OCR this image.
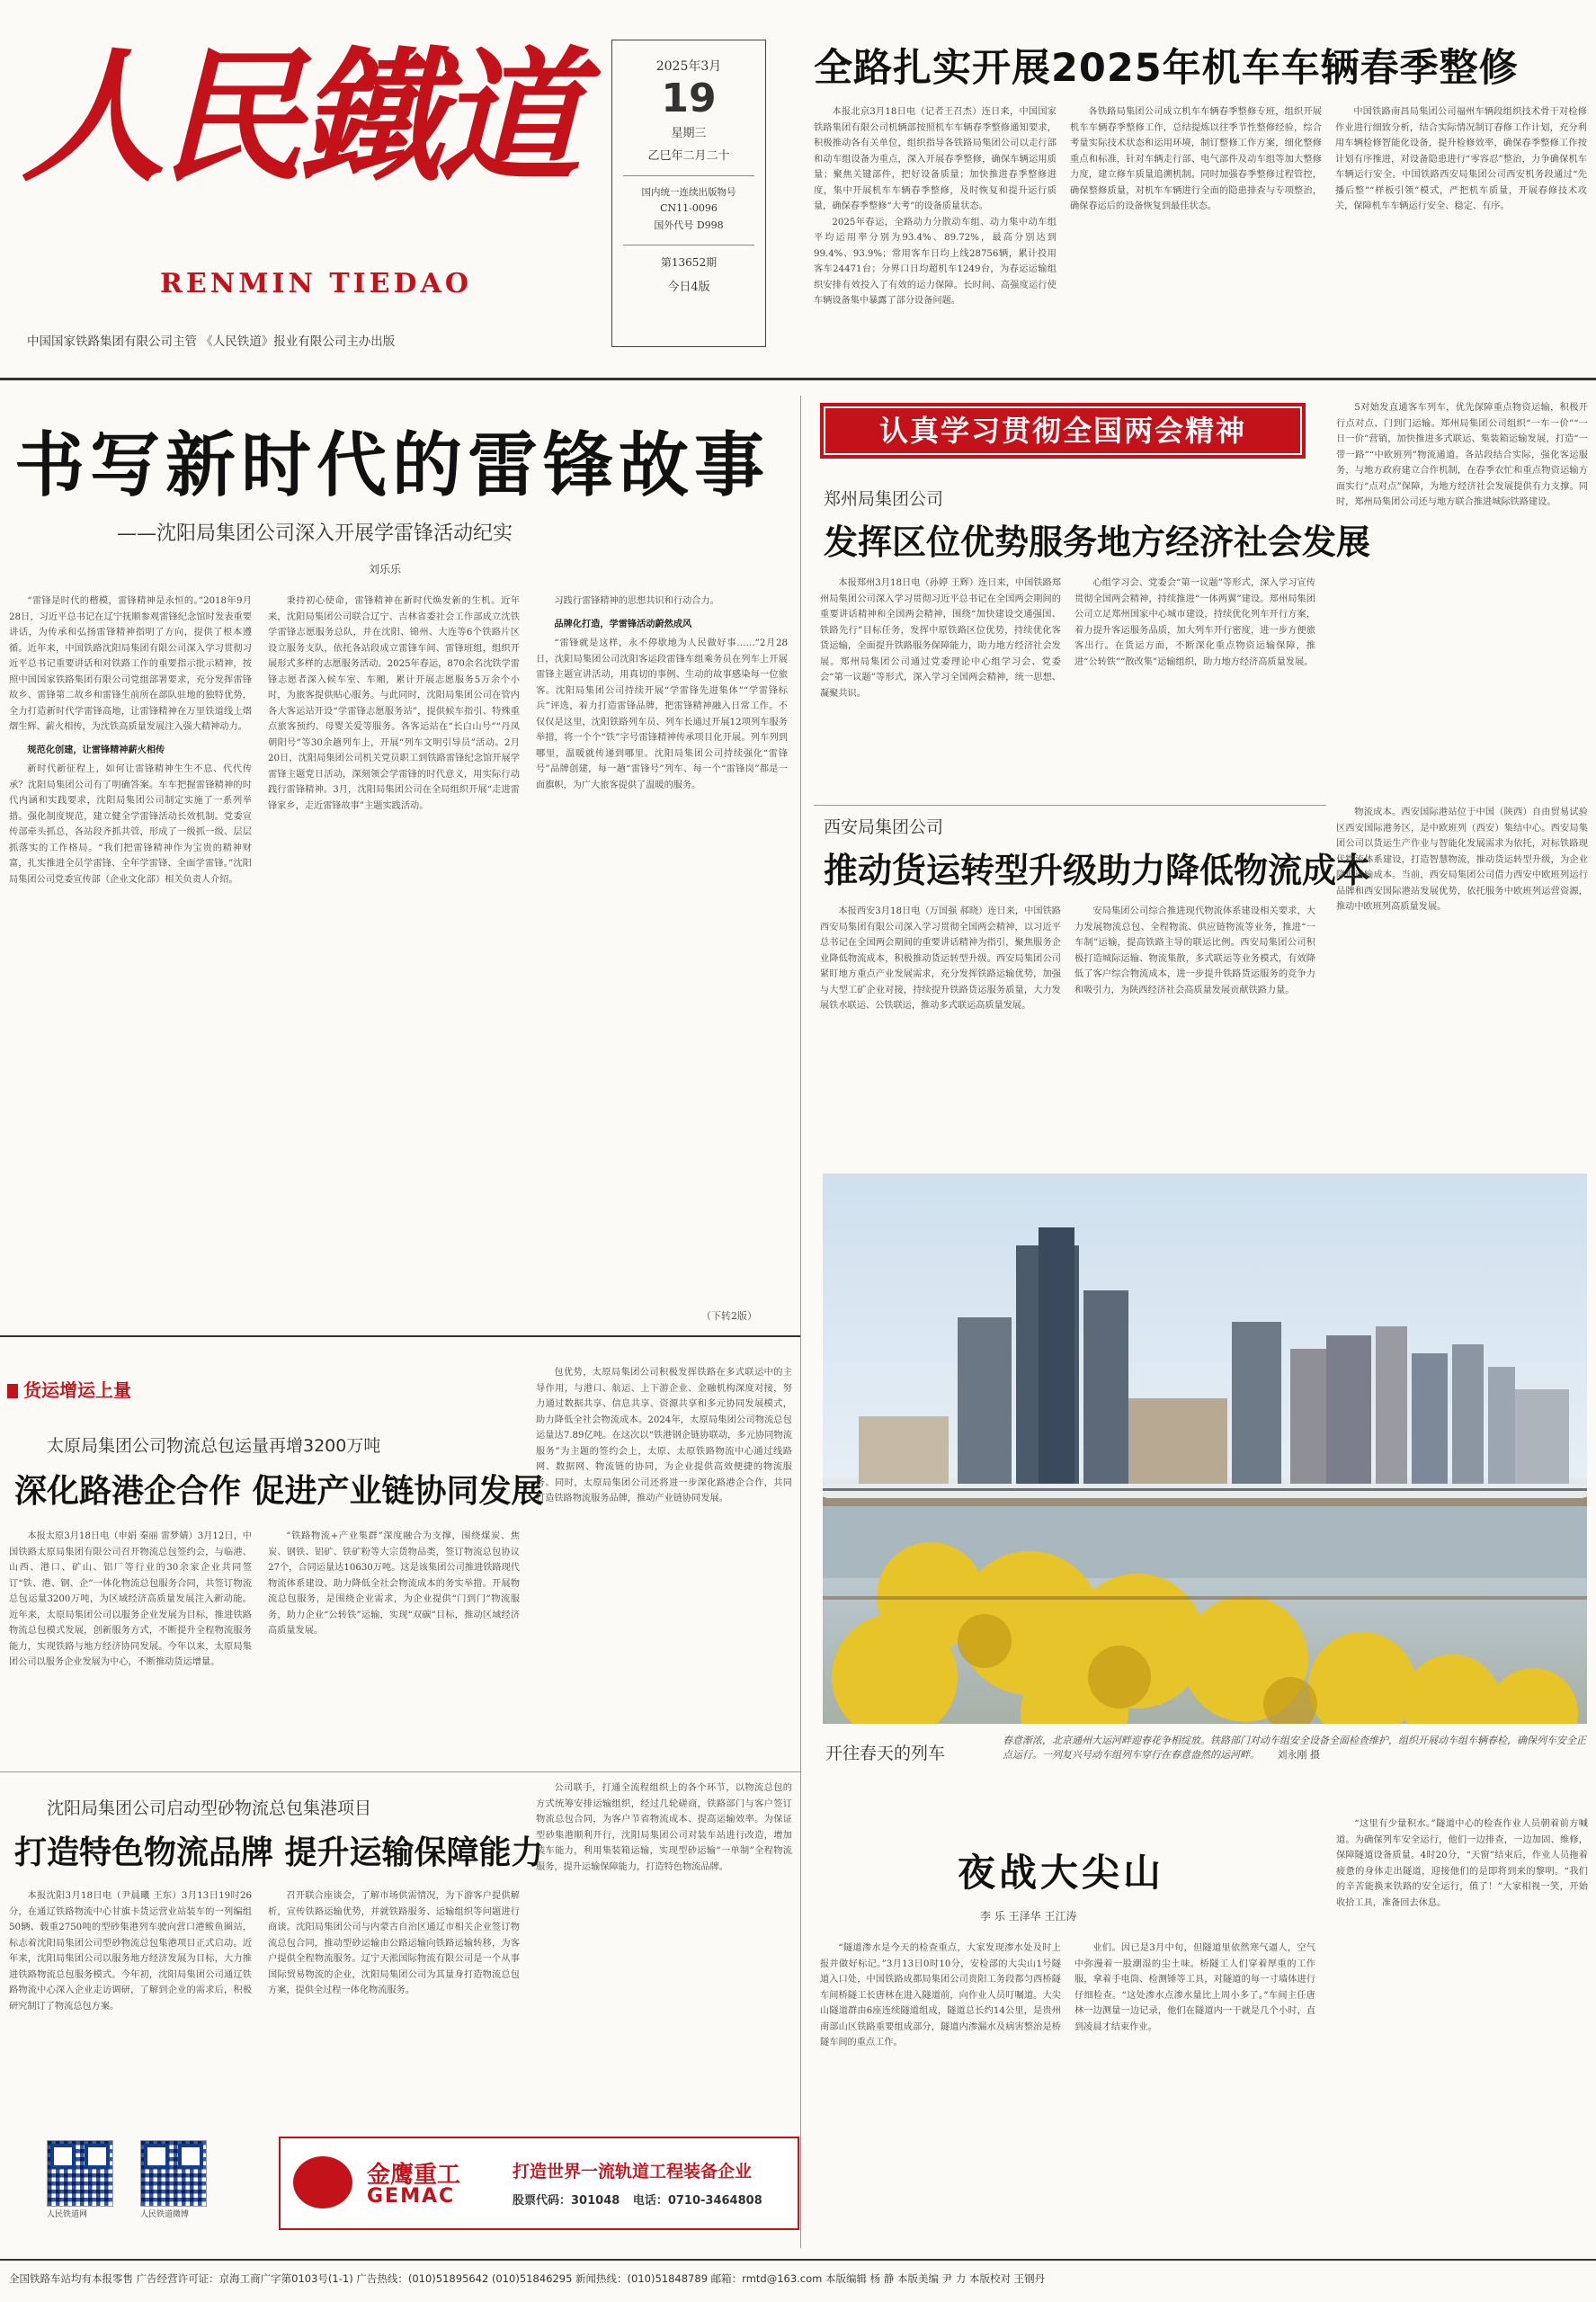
人民鐵道
RENMIN TIEDAO
中国国家铁路集团有限公司主管 《人民铁道》报业有限公司主办出版
2025年3月
19
星期三
乙巳年二月二十
国内统一连续出版物号
CN11-0096
国外代号 D998
第13652期
今日4版
全路扎实开展2025年机车车辆春季整修

本报北京3月18日电（记者王召杰）连日来，中国国家铁路集团有限公司机辆部按照机车车辆春季整修通知要求，积极推动各有关单位，组织指导各铁路局集团公司以走行部和动车组设备为重点，深入开展春季整修，确保车辆运用质量；聚焦关键部件，把好设备质量；加快推进春季整修进度，集中开展机车车辆春季整修，及时恢复和提升运行质量，确保春季整修“大考”的设备质量状态。

2025年春运，全路动力分散动车组、动力集中动车组平均运用率分别为93.4%、89.72%，最高分别达到99.4%、93.9%；常用客车日均上线28756辆，累计投用客车24471台；分界口日均超机车1249台，为春运运输组织安排有效投入了有效的运力保障。长时间、高强度运行使车辆设备集中暴露了部分设备问题。

各铁路局集团公司成立机车车辆春季整修专班，组织开展机车车辆春季整修工作，总结提炼以往季节性整修经验，综合考量实际技术状态和运用环境，制订整修工作方案，细化整修重点和标准，针对车辆走行部、电气部件及动车组等加大整修力度，建立修车质量追溯机制。同时加强春季整修过程管控，确保整修质量，对机车车辆进行全面的隐患排查与专项整治，确保春运后的设备恢复到最佳状态。

中国铁路南昌局集团公司福州车辆段组织技术骨干对检修作业进行细致分析，结合实际情况制订春修工作计划，充分利用车辆检修智能化设备，提升检修效率，确保春季整修工作按计划有序推进，对设备隐患进行“零容忍”整治，力争确保机车车辆运行安全。中国铁路西安局集团公司西安机务段通过“先播后整”“样板引领”模式，严把机车质量，开展春修技术攻关，保障机车车辆运行安全、稳定、有序。

书写新时代的雷锋故事
——沈阳局集团公司深入开展学雷锋活动纪实
刘乐乐

“雷锋是时代的楷模，雷锋精神是永恒的。”2018年9月28日，习近平总书记在辽宁抚顺参观雷锋纪念馆时发表重要讲话，为传承和弘扬雷锋精神指明了方向，提供了根本遵循。近年来，中国铁路沈阳局集团有限公司深入学习贯彻习近平总书记重要讲话和对铁路工作的重要指示批示精神，按照中国国家铁路集团有限公司党组部署要求，充分发挥雷锋故乡、雷锋第二故乡和雷锋生前所在部队驻地的独特优势，全力打造新时代学雷锋高地，让雷锋精神在万里铁道线上熠熠生辉、薪火相传，为沈铁高质量发展注入强大精神动力。

规范化创建，让雷锋精神薪火相传

新时代新征程上，如何让雷锋精神生生不息、代代传承？沈阳局集团公司有了明确答案。车车把握雷锋精神的时代内涵和实践要求，沈阳局集团公司制定实施了一系列举措。强化制度规范，建立健全学雷锋活动长效机制。党委宣传部牵头抓总，各站段齐抓共管，形成了一级抓一级、层层抓落实的工作格局。“我们把雷锋精神作为宝贵的精神财富，扎实推进全员学雷锋、全年学雷锋、全面学雷锋。”沈阳局集团公司党委宣传部（企业文化部）相关负责人介绍。

秉持初心使命，雷锋精神在新时代焕发新的生机。近年来，沈阳局集团公司联合辽宁、吉林省委社会工作部成立沈铁学雷锋志愿服务总队，并在沈阳、锦州、大连等6个铁路片区设立服务支队，依托各站段成立雷锋车间、雷锋班组，组织开展形式多样的志愿服务活动。2025年春运，870余名沈铁学雷锋志愿者深入候车室、车厢，累计开展志愿服务5万余个小时，为旅客提供贴心服务。与此同时，沈阳局集团公司在管内各大客运站开设“学雷锋志愿服务站”，提供候车指引、特殊重点旅客预约、母婴关爱等服务。各客运站在“长白山号”“丹凤朝阳号”等30余趟列车上，开展“列车文明引导员”活动。2月20日，沈阳局集团公司机关党员职工到铁路雷锋纪念馆开展学雷锋主题党日活动，深刻领会学雷锋的时代意义，用实际行动践行雷锋精神。3月，沈阳局集团公司在全局组织开展“走进雷锋家乡，走近雷锋故事”主题实践活动。

习践行雷锋精神的思想共识和行动合力。

品牌化打造，学雷锋活动蔚然成风

“雷锋就是这样，永不停歇地为人民做好事……”2月28日，沈阳局集团公司沈阳客运段雷锋车组乘务员在列车上开展雷锋主题宣讲活动，用真切的事例、生动的故事感染每一位旅客。沈阳局集团公司持续开展“学雷锋先进集体”“学雷锋标兵”评选，着力打造雷锋品牌，把雷锋精神融入日常工作。不仅仅是这里，沈阳铁路列车员、列车长通过开展12项列车服务举措，将一个个“铁”字号雷锋精神传承项目化开展。列车列到哪里，温暖就传递到哪里。沈阳局集团公司持续强化“雷锋号”品牌创建，每一趟“雷锋号”列车、每一个“雷锋岗”都是一面旗帜，为广大旅客提供了温暖的服务。

（下转2版）
认真学习贯彻全国两会精神
郑州局集团公司
发挥区位优势服务地方经济社会发展

本报郑州3月18日电（孙婷 王辉）连日来，中国铁路郑州局集团公司深入学习贯彻习近平总书记在全国两会期间的重要讲话精神和全国两会精神，围绕“加快建设交通强国、铁路先行”目标任务，发挥中原铁路区位优势，持续优化客货运输，全面提升铁路服务保障能力，助力地方经济社会发展。郑州局集团公司通过党委理论中心组学习会、党委会“第一议题”等形式，深入学习全国两会精神，统一思想、凝聚共识。

心组学习会、党委会“第一议题”等形式，深入学习宣传贯彻全国两会精神，持续推进“一体两翼”建设。郑州局集团公司立足郑州国家中心城市建设，持续优化列车开行方案，着力提升客运服务品质，加大列车开行密度，进一步方便旅客出行。在货运方面，不断深化重点物资运输保障，推进“公转铁”“散改集”运输组织，助力地方经济高质量发展。

5对始发直通客车列车，优先保障重点物资运输，积极开行点对点、门到门运输。郑州局集团公司组织“一车一价”“一日一价”营销，加快推进多式联运、集装箱运输发展，打造“一带一路”“中欧班列”物流通道。各站段结合实际，强化客运服务，与地方政府建立合作机制，在春季农忙和重点物资运输方面实行“点对点”保障，为地方经济社会发展提供有力支撑。同时，郑州局集团公司还与地方联合推进城际铁路建设。

西安局集团公司
推动货运转型升级助力降低物流成本

本报西安3月18日电（万国强 郝晓）连日来，中国铁路西安局集团有限公司深入学习贯彻全国两会精神，以习近平总书记在全国两会期间的重要讲话精神为指引，聚焦服务企业降低物流成本，积极推动货运转型升级。西安局集团公司紧盯地方重点产业发展需求，充分发挥铁路运输优势，加强与大型工矿企业对接，持续提升铁路货运服务质量，大力发展铁水联运、公铁联运，推动多式联运高质量发展。

安局集团公司综合推进现代物流体系建设相关要求，大力发展物流总包、全程物流、供应链物流等业务，推进“一车制”运输，提高铁路主导的联运比例。西安局集团公司积极打造城际运输、物流集散，多式联运等业务模式，有效降低了客户综合物流成本，进一步提升铁路货运服务的竞争力和吸引力，为陕西经济社会高质量发展贡献铁路力量。

物流成本。西安国际港站位于中国（陕西）自由贸易试验区西安国际港务区，是中欧班列（西安）集结中心。西安局集团公司以货运生产作业与智能化发展需求为依托，对标铁路现代物流体系建设，打造智慧物流，推动货运转型升级，为企业降低运输成本。当前，西安局集团公司借力西安中欧班列运行品牌和西安国际港站发展优势，依托服务中欧班列运营资源，推动中欧班列高质量发展。

开往春天的列车
春意渐浓，北京通州大运河畔迎春花争相绽放。铁路部门对动车组安全设备全面检查维护，组织开展动车组车辆春检，确保列车安全正点运行。一列复兴号动车组列车穿行在春意盎然的运河畔。 刘永刚 摄
货运增运上量
太原局集团公司物流总包运量再增3200万吨
深化路港企合作 促进产业链协同发展

本报太原3月18日电（申娟 秦丽 雷梦婧）3月12日，中国铁路太原局集团有限公司召开物流总包签约会，与临港、山西、港口、矿山、铝厂等行业的30余家企业共同签订“铁、港、钢、企”一体化物流总包服务合同，共签订物流总包运量3200万吨，为区域经济高质量发展注入新动能。近年来，太原局集团公司以服务企业发展为目标，推进铁路物流总包模式发展，创新服务方式，不断提升全程物流服务能力，实现铁路与地方经济协同发展。今年以来，太原局集团公司以服务企业发展为中心，不断推动货运增量。

“铁路物流+产业集群”深度融合为支撑，围绕煤炭、焦炭、钢铁、铝矿、铁矿粉等大宗货物品类，签订物流总包协议27个，合同运量达10630万吨。这是该集团公司推进铁路现代物流体系建设、助力降低全社会物流成本的务实举措。开展物流总包服务，是围绕企业需求，为企业提供“门到门”物流服务，助力企业“公转铁”运输，实现“双碳”目标，推动区域经济高质量发展。

包优势，太原局集团公司积极发挥铁路在多式联运中的主导作用，与港口、航运、上下游企业、金融机构深度对接，努力通过数据共享、信息共享、资源共享和多元协同发展模式，助力降低全社会物流成本。2024年，太原局集团公司物流总包运量达7.89亿吨。在这次以“铁港钢企链协联动，多元协同物流服务”为主题的签约会上，太原、太原铁路物流中心通过线路网、数据网、物流链的协同，为企业提供高效便捷的物流服务。同时，太原局集团公司还将进一步深化路港企合作，共同打造铁路物流服务品牌，推动产业链协同发展。

沈阳局集团公司启动型砂物流总包集港项目
打造特色物流品牌 提升运输保障能力

本报沈阳3月18日电（尹晨曦 王东）3月13日19时26分，在通辽铁路物流中心甘旗卡货运营业站装车的一列编组50辆、载重2750吨的型砂集港列车驶向营口港鲅鱼圈站，标志着沈阳局集团公司型砂物流总包集港项目正式启动。近年来，沈阳局集团公司以服务地方经济发展为目标，大力推进铁路物流总包服务模式。今年初，沈阳局集团公司通辽铁路物流中心深入企业走访调研，了解到企业的需求后，积极研究制订了物流总包方案。

召开联合座谈会，了解市场供需情况，为下游客户提供解析，宣传铁路运输优势，并就铁路服务、运输组织等问题进行商谈。沈阳局集团公司与内蒙古自治区通辽市相关企业签订物流总包合同，推动型砂运输由公路运输向铁路运输转移，为客户提供全程物流服务。辽宁天淞国际物流有限公司是一个从事国际贸易物流的企业，沈阳局集团公司为其量身打造物流总包方案，提供全过程一体化物流服务。

公司联手，打通全流程组织上的各个环节，以物流总包的方式统筹安排运输组织，经过几轮磋商，铁路部门与客户签订物流总包合同，为客户节省物流成本、提高运输效率。为保证型砂集港顺利开行，沈阳局集团公司对装车站进行改造，增加装车能力，利用集装箱运输，实现型砂运输“一单制”全程物流服务，提升运输保障能力，打造特色物流品牌。

人民铁道网	人民铁道微博
金鹰重工
GEMAC
打造世界一流轨道工程装备企业
股票代码：301048 电话：0710-3464808
夜战大尖山
李 乐 王泽华 王江涛

“隧道渗水是今天的检查重点，大家发现渗水处及时上报并做好标记。”3月13日0时10分，安检部的大尖山1号隧道入口处，中国铁路成都局集团公司贵阳工务段都匀西桥隧车间桥隧工长唐林在进入隧道前，向作业人员叮嘱道。大尖山隧道群由6座连续隧道组成，隧道总长约14公里，是贵州南部山区铁路重要组成部分，隧道内渗漏水及病害整治是桥隧车间的重点工作。

业们。因已是3月中旬，但隧道里依然寒气逼人，空气中弥漫着一股潮湿的尘土味。桥隧工人们穿着厚重的工作服，拿着手电筒、检测锤等工具，对隧道的每一寸墙体进行仔细检查。“这处渗水点渗水量比上周小多了。”车间主任唐林一边测量一边记录，他们在隧道内一干就是几个小时，直到凌晨才结束作业。

“这里有少量积水。”隧道中心的检查作业人员朝着前方喊道。为确保列车安全运行，他们一边排查，一边加固、维修，保障隧道设备质量。4时20分，“天窗”结束后，作业人员拖着疲惫的身体走出隧道，迎接他们的是即将到来的黎明。“我们的辛苦能换来铁路的安全运行，值了！”大家相视一笑，开始收拾工具，准备回去休息。

全国铁路车站均有本报零售 广告经营许可证：京海工商广字第0103号(1-1) 广告热线：(010)51895642 (010)51846295 新闻热线：(010)51848789 邮箱：rmtd@163.com 本版编辑 杨 静 本版美编 尹 力 本版校对 王钢丹
